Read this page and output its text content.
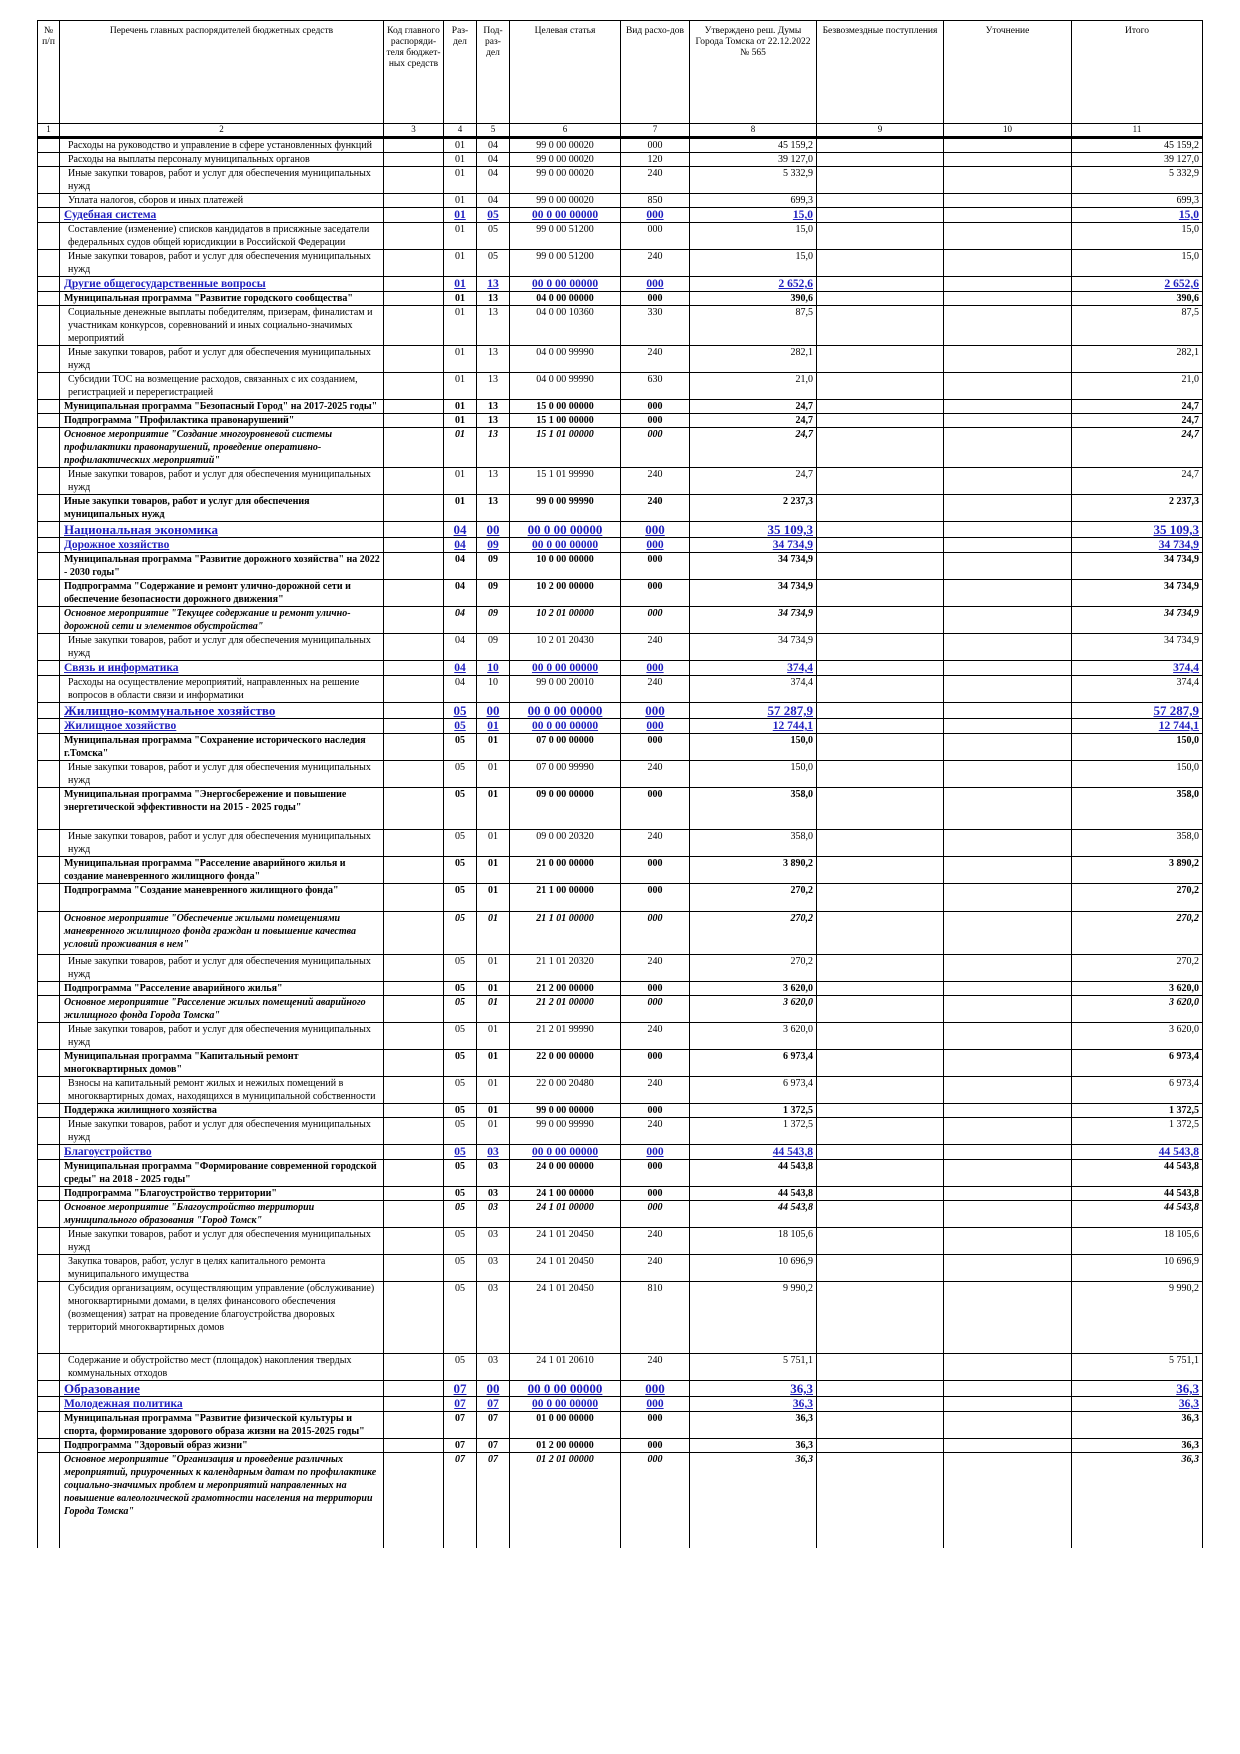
№ п/п	Перечень главных распорядителей бюджетных средств	Код главного распоряди-теля бюджет-ных средств	Раз-дел	Под-раз-дел	Целевая статья	Вид расхо-дов	Утверждено реш. Думы Города Томска от 22.12.2022 № 565	Безвозмездные поступления	Уточнение	Итого
1	2	3	4	5	6	7	8	9	10	11
	Расходы на руководство и управление в сфере установленных функций		01	04	99 0 00 00020	000	45 159,2			45 159,2
	Расходы на выплаты персоналу муниципальных органов		01	04	99 0 00 00020	120	39 127,0			39 127,0
	Иные закупки товаров, работ и услуг для обеспечения муниципальных нужд		01	04	99 0 00 00020	240	5 332,9			5 332,9
	Уплата налогов, сборов и иных платежей		01	04	99 0 00 00020	850	699,3			699,3
	Судебная система		01	05	00 0 00 00000	000	15,0			15,0
	Составление (изменение) списков кандидатов в присяжные заседатели федеральных судов общей юрисдикции в Российской Федерации		01	05	99 0 00 51200	000	15,0			15,0
	Иные закупки товаров, работ и услуг для обеспечения муниципальных нужд		01	05	99 0 00 51200	240	15,0			15,0
	Другие общегосударственные вопросы		01	13	00 0 00 00000	000	2 652,6			2 652,6
	Муниципальная программа "Развитие городского сообщества"		01	13	04 0 00 00000	000	390,6			390,6
	Социальные денежные выплаты победителям, призерам, финалистам и участникам конкурсов, соревнований и иных социально-значимых мероприятий		01	13	04 0 00 10360	330	87,5			87,5
	Иные закупки товаров, работ и услуг для обеспечения муниципальных нужд		01	13	04 0 00 99990	240	282,1			282,1
	Субсидии ТОС на возмещение расходов, связанных с их созданием, регистрацией и перерегистрацией		01	13	04 0 00 99990	630	21,0			21,0
	Муниципальная программа "Безопасный Город" на 2017-2025 годы"		01	13	15 0 00 00000	000	24,7			24,7
	Подпрограмма "Профилактика правонарушений"		01	13	15 1 00 00000	000	24,7			24,7
	Основное мероприятие "Создание многоуровневой системы профилактики правонарушений, проведение оперативно-профилактических мероприятий"		01	13	15 1 01 00000	000	24,7			24,7
	Иные закупки товаров, работ и услуг для обеспечения муниципальных нужд		01	13	15 1 01 99990	240	24,7			24,7
	Иные закупки товаров, работ и услуг для обеспечения муниципальных нужд		01	13	99 0 00 99990	240	2 237,3			2 237,3
	Национальная экономика		04	00	00 0 00 00000	000	35 109,3			35 109,3
	Дорожное хозяйство		04	09	00 0 00 00000	000	34 734,9			34 734,9
	Муниципальная программа "Развитие дорожного хозяйства" на 2022 - 2030 годы"		04	09	10 0 00 00000	000	34 734,9			34 734,9
	Подпрограмма "Содержание и ремонт улично-дорожной сети и обеспечение безопасности дорожного движения"		04	09	10 2 00 00000	000	34 734,9			34 734,9
	Основное мероприятие "Текущее содержание и ремонт улично-дорожной сети и элементов обустройства"		04	09	10 2 01 00000	000	34 734,9			34 734,9
	Иные закупки товаров, работ и услуг для обеспечения муниципальных нужд		04	09	10 2 01 20430	240	34 734,9			34 734,9
	Связь и информатика		04	10	00 0 00 00000	000	374,4			374,4
	Расходы на осуществление мероприятий, направленных на решение вопросов в области связи и информатики		04	10	99 0 00 20010	240	374,4			374,4
	Жилищно-коммунальное хозяйство		05	00	00 0 00 00000	000	57 287,9			57 287,9
	Жилищное хозяйство		05	01	00 0 00 00000	000	12 744,1			12 744,1
	Муниципальная программа "Сохранение исторического наследия г.Томска"		05	01	07 0 00 00000	000	150,0			150,0
	Иные закупки товаров, работ и услуг для обеспечения муниципальных нужд		05	01	07 0 00 99990	240	150,0			150,0
	Муниципальная программа "Энергосбережение и повышение энергетической эффективности на 2015 - 2025 годы"		05	01	09 0 00 00000	000	358,0			358,0
	Иные закупки товаров, работ и услуг для обеспечения муниципальных нужд		05	01	09 0 00 20320	240	358,0			358,0
	Муниципальная программа "Расселение аварийного жилья и создание маневренного жилищного фонда"		05	01	21 0 00 00000	000	3 890,2			3 890,2
	Подпрограмма "Создание маневренного жилищного фонда"		05	01	21 1 00 00000	000	270,2			270,2
	Основное мероприятие "Обеспечение жилыми помещениями маневренного жилищного фонда граждан и повышение качества условий проживания в нем"		05	01	21 1 01 00000	000	270,2			270,2
	Иные закупки товаров, работ и услуг для обеспечения муниципальных нужд		05	01	21 1 01 20320	240	270,2			270,2
	Подпрограмма "Расселение аварийного жилья"		05	01	21 2 00 00000	000	3 620,0			3 620,0
	Основное мероприятие "Расселение жилых помещений аварийного жилищного фонда Города Томска"		05	01	21 2 01 00000	000	3 620,0			3 620,0
	Иные закупки товаров, работ и услуг для обеспечения муниципальных нужд		05	01	21 2 01 99990	240	3 620,0			3 620,0
	Муниципальная программа "Капитальный ремонт многоквартирных домов"		05	01	22 0 00 00000	000	6 973,4			6 973,4
	Взносы на капитальный ремонт жилых и нежилых помещений в многоквартирных домах, находящихся в муниципальной собственности		05	01	22 0 00 20480	240	6 973,4			6 973,4
	Поддержка жилищного хозяйства		05	01	99 0 00 00000	000	1 372,5			1 372,5
	Иные закупки товаров, работ и услуг для обеспечения муниципальных нужд		05	01	99 0 00 99990	240	1 372,5			1 372,5
	Благоустройство		05	03	00 0 00 00000	000	44 543,8			44 543,8
	Муниципальная программа "Формирование современной городской среды" на 2018 - 2025 годы"		05	03	24 0 00 00000	000	44 543,8			44 543,8
	Подпрограмма "Благоустройство территории"		05	03	24 1 00 00000	000	44 543,8			44 543,8
	Основное мероприятие "Благоустройство территории муниципального образования "Город Томск"		05	03	24 1 01 00000	000	44 543,8			44 543,8
	Иные закупки товаров, работ и услуг для обеспечения муниципальных нужд		05	03	24 1 01 20450	240	18 105,6			18 105,6
	Закупка товаров, работ, услуг в целях капитального ремонта муниципального имущества		05	03	24 1 01 20450	240	10 696,9			10 696,9
	Субсидия организациям, осуществляющим управление (обслуживание) многоквартирными домами, в целях финансового обеспечения (возмещения) затрат на проведение благоустройства дворовых территорий многоквартирных домов		05	03	24 1 01 20450	810	9 990,2			9 990,2
	Содержание и обустройство мест (площадок) накопления твердых коммунальных отходов		05	03	24 1 01 20610	240	5 751,1			5 751,1
	Образование		07	00	00 0 00 00000	000	36,3			36,3
	Молодежная политика		07	07	00 0 00 00000	000	36,3			36,3
	Муниципальная программа "Развитие физической культуры и спорта, формирование здорового образа жизни на 2015-2025 годы"		07	07	01 0 00 00000	000	36,3			36,3
	Подпрограмма "Здоровый образ жизни"		07	07	01 2 00 00000	000	36,3			36,3
	Основное мероприятие "Организация и проведение различных мероприятий, приуроченных к календарным датам по профилактике социально-значимых проблем и мероприятий направленных на повышение валеологической грамотности населения на территории Города Томска"		07	07	01 2 01 00000	000	36,3			36,3
